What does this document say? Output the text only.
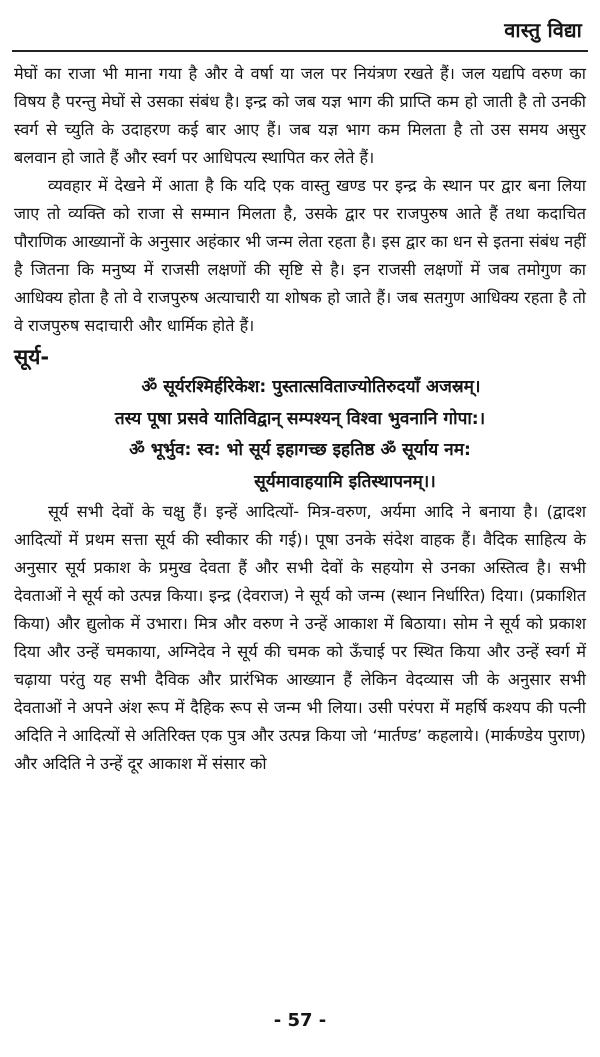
वास्तु विद्या

मेघों का राजा भी माना गया है और वे वर्षा या जल पर नियंत्रण रखते हैं। जल यद्यपि वरुण का विषय है परन्तु मेघों से उसका संबंध है। इन्द्र को जब यज्ञ भाग की प्राप्ति कम हो जाती है तो उनकी स्वर्ग से च्युति के उदाहरण कई बार आए हैं। जब यज्ञ भाग कम मिलता है तो उस समय असुर बलवान हो जाते हैं और स्वर्ग पर आधिपत्य स्थापित कर लेते हैं।

व्यवहार में देखने में आता है कि यदि एक वास्तु खण्ड पर इन्द्र के स्थान पर द्वार बना लिया जाए तो व्यक्ति को राजा से सम्मान मिलता है, उसके द्वार पर राजपुरुष आते हैं तथा कदाचित पौराणिक आख्यानों के अनुसार अहंकार भी जन्म लेता रहता है। इस द्वार का धन से इतना संबंध नहीं है जितना कि मनुष्य में राजसी लक्षणों की सृष्टि से है। इन राजसी लक्षणों में जब तमोगुण का आधिक्य होता है तो वे राजपुरुष अत्याचारी या शोषक हो जाते हैं। जब सतगुण आधिक्य रहता है तो वे राजपुरुष सदाचारी और धार्मिक होते हैं।

सूर्य-
ॐ सूर्यरश्मिर्हरिकेश: पुस्तात्सविताज्योतिरुदयाँ अजस्रम्।
तस्य पूषा प्रसवे यातिविद्वान् सम्पश्यन् विश्वा भुवनानि गोपा:।
ॐ भूर्भुव: स्व: भो सूर्य इहागच्छ इहतिष्ठ ॐ सूर्याय नम:
सूर्यमावाहयामि इतिस्थापनम्।।

सूर्य सभी देवों के चक्षु हैं। इन्हें आदित्यों- मित्र-वरुण, अर्यमा आदि ने बनाया है। (द्वादश आदित्यों में प्रथम सत्ता सूर्य की स्वीकार की गई)। पूषा उनके संदेश वाहक हैं। वैदिक साहित्य के अनुसार सूर्य प्रकाश के प्रमुख देवता हैं और सभी देवों के सहयोग से उनका अस्तित्व है। सभी देवताओं ने सूर्य को उत्पन्न किया। इन्द्र (देवराज) ने सूर्य को जन्म (स्थान निर्धारित) दिया। (प्रकाशित किया) और द्युलोक में उभारा। मित्र और वरुण ने उन्हें आकाश में बिठाया। सोम ने सूर्य को प्रकाश दिया और उन्हें चमकाया, अग्निदेव ने सूर्य की चमक को ऊँचाई पर स्थित किया और उन्हें स्वर्ग में चढ़ाया परंतु यह सभी दैविक और प्रारंभिक आख्यान हैं लेकिन वेदव्यास जी के अनुसार सभी देवताओं ने अपने अंश रूप में दैहिक रूप से जन्म भी लिया। उसी परंपरा में महर्षि कश्यप की पत्नी अदिति ने आदित्यों से अतिरिक्त एक पुत्र और उत्पन्न किया जो ‘मार्तण्ड’ कहलाये। (मार्कण्डेय पुराण) और अदिति ने उन्हें दूर आकाश में संसार को

- 57 -
